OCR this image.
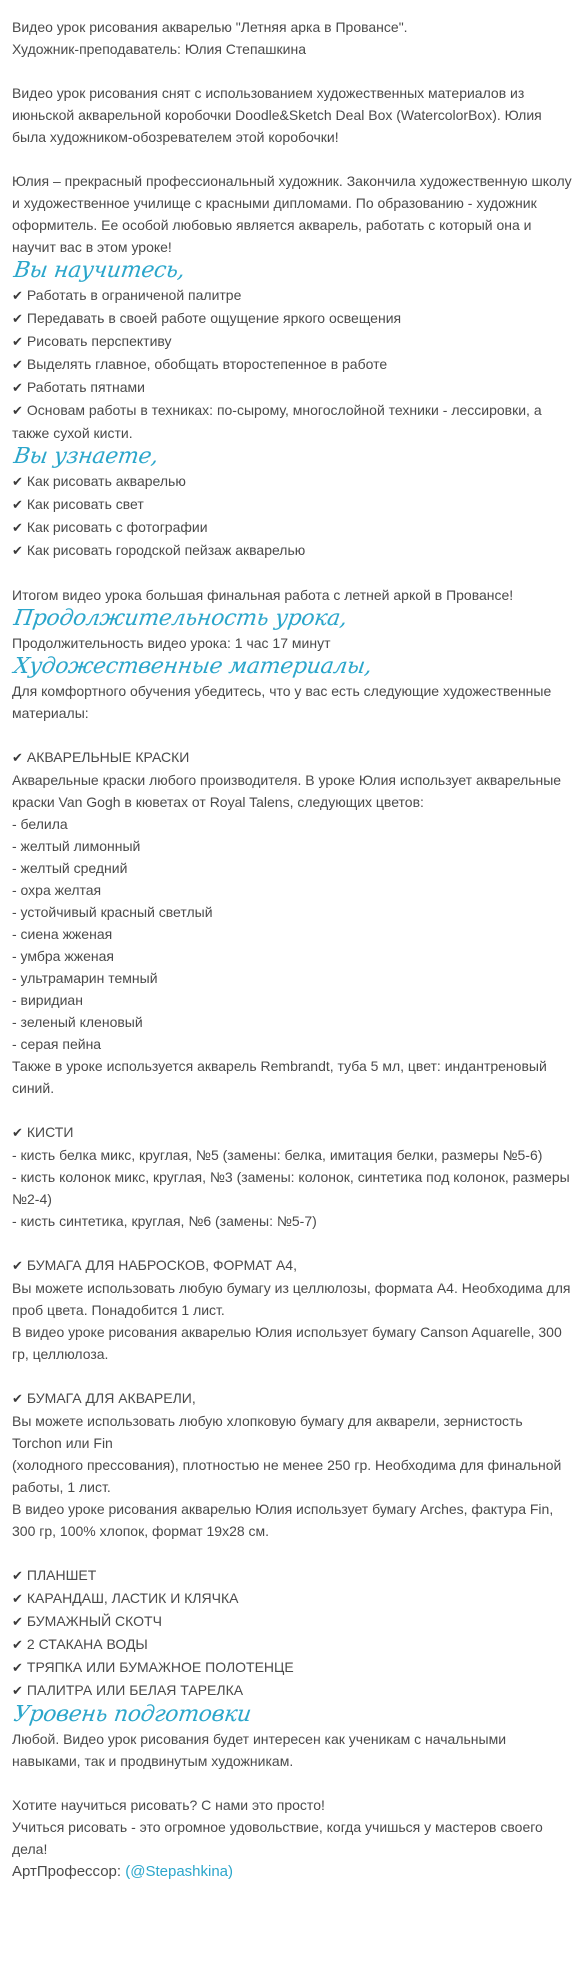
Видео урок рисования акварелью "Летняя арка в Провансе".

Художник-преподаватель: Юлия Степашкина

Видео урок рисования снят с использованием художественных материалов из июньской акварельной коробочки Doodle&Sketch Deal Box (WatercolorBox). Юлия была художником-обозревателем этой коробочки!

Юлия – прекрасный профессиональный художник. Закончила художественную школу и художественное училище с красными дипломами. По образованию - художник оформитель. Ее особой любовью является акварель, работать с который она и научит вас в этом уроке!

Вы научитесь,

✔ Работать в ограниченой палитре

✔ Передавать в своей работе ощущение яркого освещения

✔ Рисовать перспективу

✔ Выделять главное, обобщать второстепенное в работе

✔ Работать пятнами

✔ Основам работы в техниках: по-сырому, многослойной техники - лессировки, а также сухой кисти.

Вы узнаете,

✔ Как рисовать акварелью

✔ Как рисовать свет

✔ Как рисовать с фотографии

✔ Как рисовать городской пейзаж акварелью

Итогом видео урока большая финальная работа с летней аркой в Провансе!

Продолжительность урока,

Продолжительность видео урока: 1 час 17 минут

Художественные материалы,

Для комфортного обучения убедитесь, что у вас есть следующие художественные материалы:

✔ АКВАРЕЛЬНЫЕ КРАСКИ

Акварельные краски любого производителя. В уроке Юлия использует акварельные краски Van Gogh в кюветах от Royal Talens, следующих цветов:

- белила

- желтый лимонный

- желтый средний

- охра желтая

- устойчивый красный светлый

- сиена жженая

- умбра жженая

- ультрамарин темный

- виридиан

- зеленый кленовый

- серая пейна

Также в уроке используется акварель Rembrandt, туба 5 мл, цвет: индантреновый синий.

✔ КИСТИ

- кисть белка микс, круглая, №5 (замены: белка, имитация белки, размеры №5-6)

- кисть колонок микс, круглая, №3 (замены: колонок, синтетика под колонок, размеры №2-4)

- кисть синтетика, круглая, №6 (замены: №5-7)

✔ БУМАГА ДЛЯ НАБРОСКОВ, ФОРМАТ А4,

Вы можете использовать любую бумагу из целлюлозы, формата А4. Необходима для проб цвета. Понадобится 1 лист.

В видео уроке рисования акварелью Юлия использует бумагу Canson Aquarelle, 300 гр, целлюлоза.

✔ БУМАГА ДЛЯ АКВАРЕЛИ,

Вы можете использовать любую хлопковую бумагу для акварели, зернистость Torchon или Fin

(холодного прессования), плотностью не менее 250 гр. Необходима для финальной работы, 1 лист.

В видео уроке рисования акварелью Юлия использует бумагу Arches, фактура Fin, 300 гр, 100% хлопок, формат 19х28 см.

✔ ПЛАНШЕТ

✔ КАРАНДАШ, ЛАСТИК И КЛЯЧКА

✔ БУМАЖНЫЙ СКОТЧ

✔ 2 СТАКАНА ВОДЫ

✔ ТРЯПКА ИЛИ БУМАЖНОЕ ПОЛОТЕНЦЕ

✔ ПАЛИТРА ИЛИ БЕЛАЯ ТАРЕЛКА

Уровень подготовки

Любой. Видео урок рисования будет интересен как ученикам с начальными навыками, так и продвинутым художникам.

Хотите научиться рисовать? С нами это просто!

Учиться рисовать - это огромное удовольствие, когда учишься у мастеров своего дела!

АртПрофессор: (@Stepashkina)
